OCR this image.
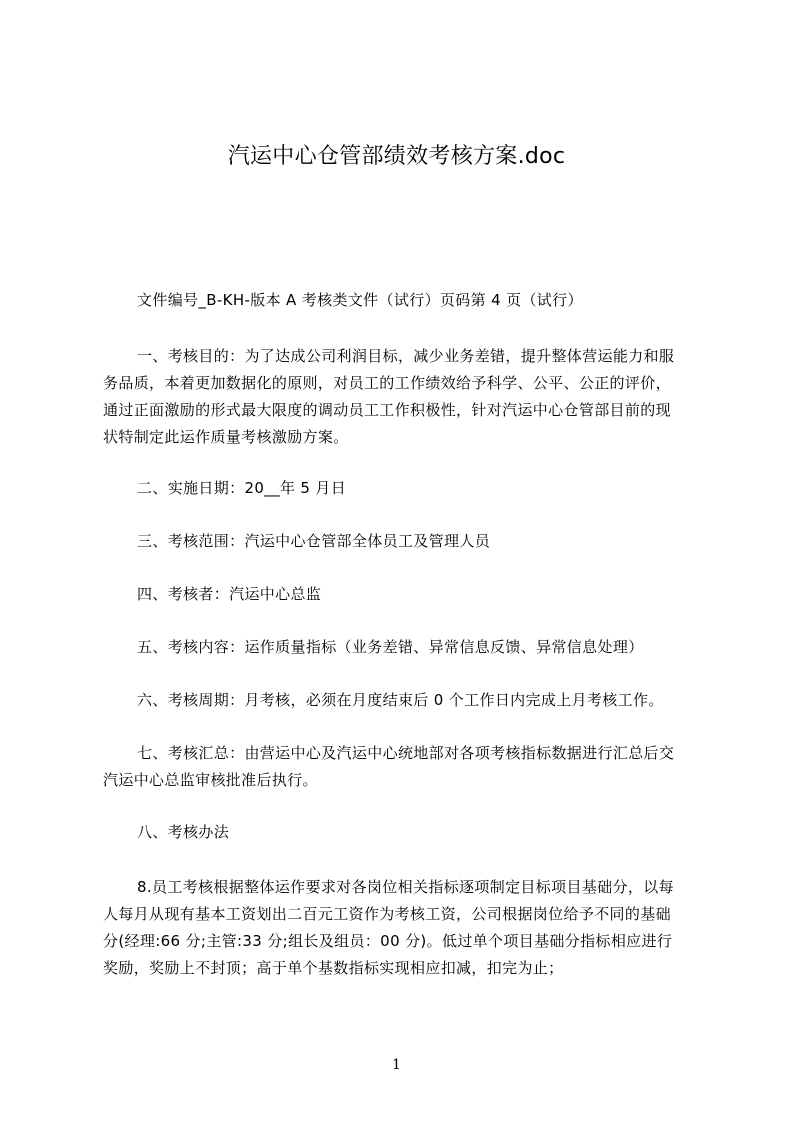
汽运中心仓管部绩效考核方案.doc
文件编号_B-KH-版本 A 考核类文件（试行）页码第 4 页（试行）
一、考核目的：为了达成公司利润目标，减少业务差错，提升整体营运能力和服
务品质，本着更加数据化的原则，对员工的工作绩效给予科学、公平、公正的评价，
通过正面激励的形式最大限度的调动员工工作积极性，针对汽运中心仓管部目前的现
状特制定此运作质量考核激励方案。
二、实施日期：20__年 5 月日
三、考核范围：汽运中心仓管部全体员工及管理人员
四、考核者：汽运中心总监
五、考核内容：运作质量指标（业务差错、异常信息反馈、异常信息处理）
六、考核周期：月考核，必须在月度结束后 0 个工作日内完成上月考核工作。
七、考核汇总：由营运中心及汽运中心统地部对各项考核指标数据进行汇总后交
汽运中心总监审核批准后执行。
八、考核办法
8.员工考核根据整体运作要求对各岗位相关指标逐项制定目标项目基础分，以每
人每月从现有基本工资划出二百元工资作为考核工资，公司根据岗位给予不同的基础
分(经理:66 分;主管:33 分;组长及组员：00 分)。低过单个项目基础分指标相应进行
奖励，奖励上不封顶；高于单个基数指标实现相应扣减，扣完为止；
1
